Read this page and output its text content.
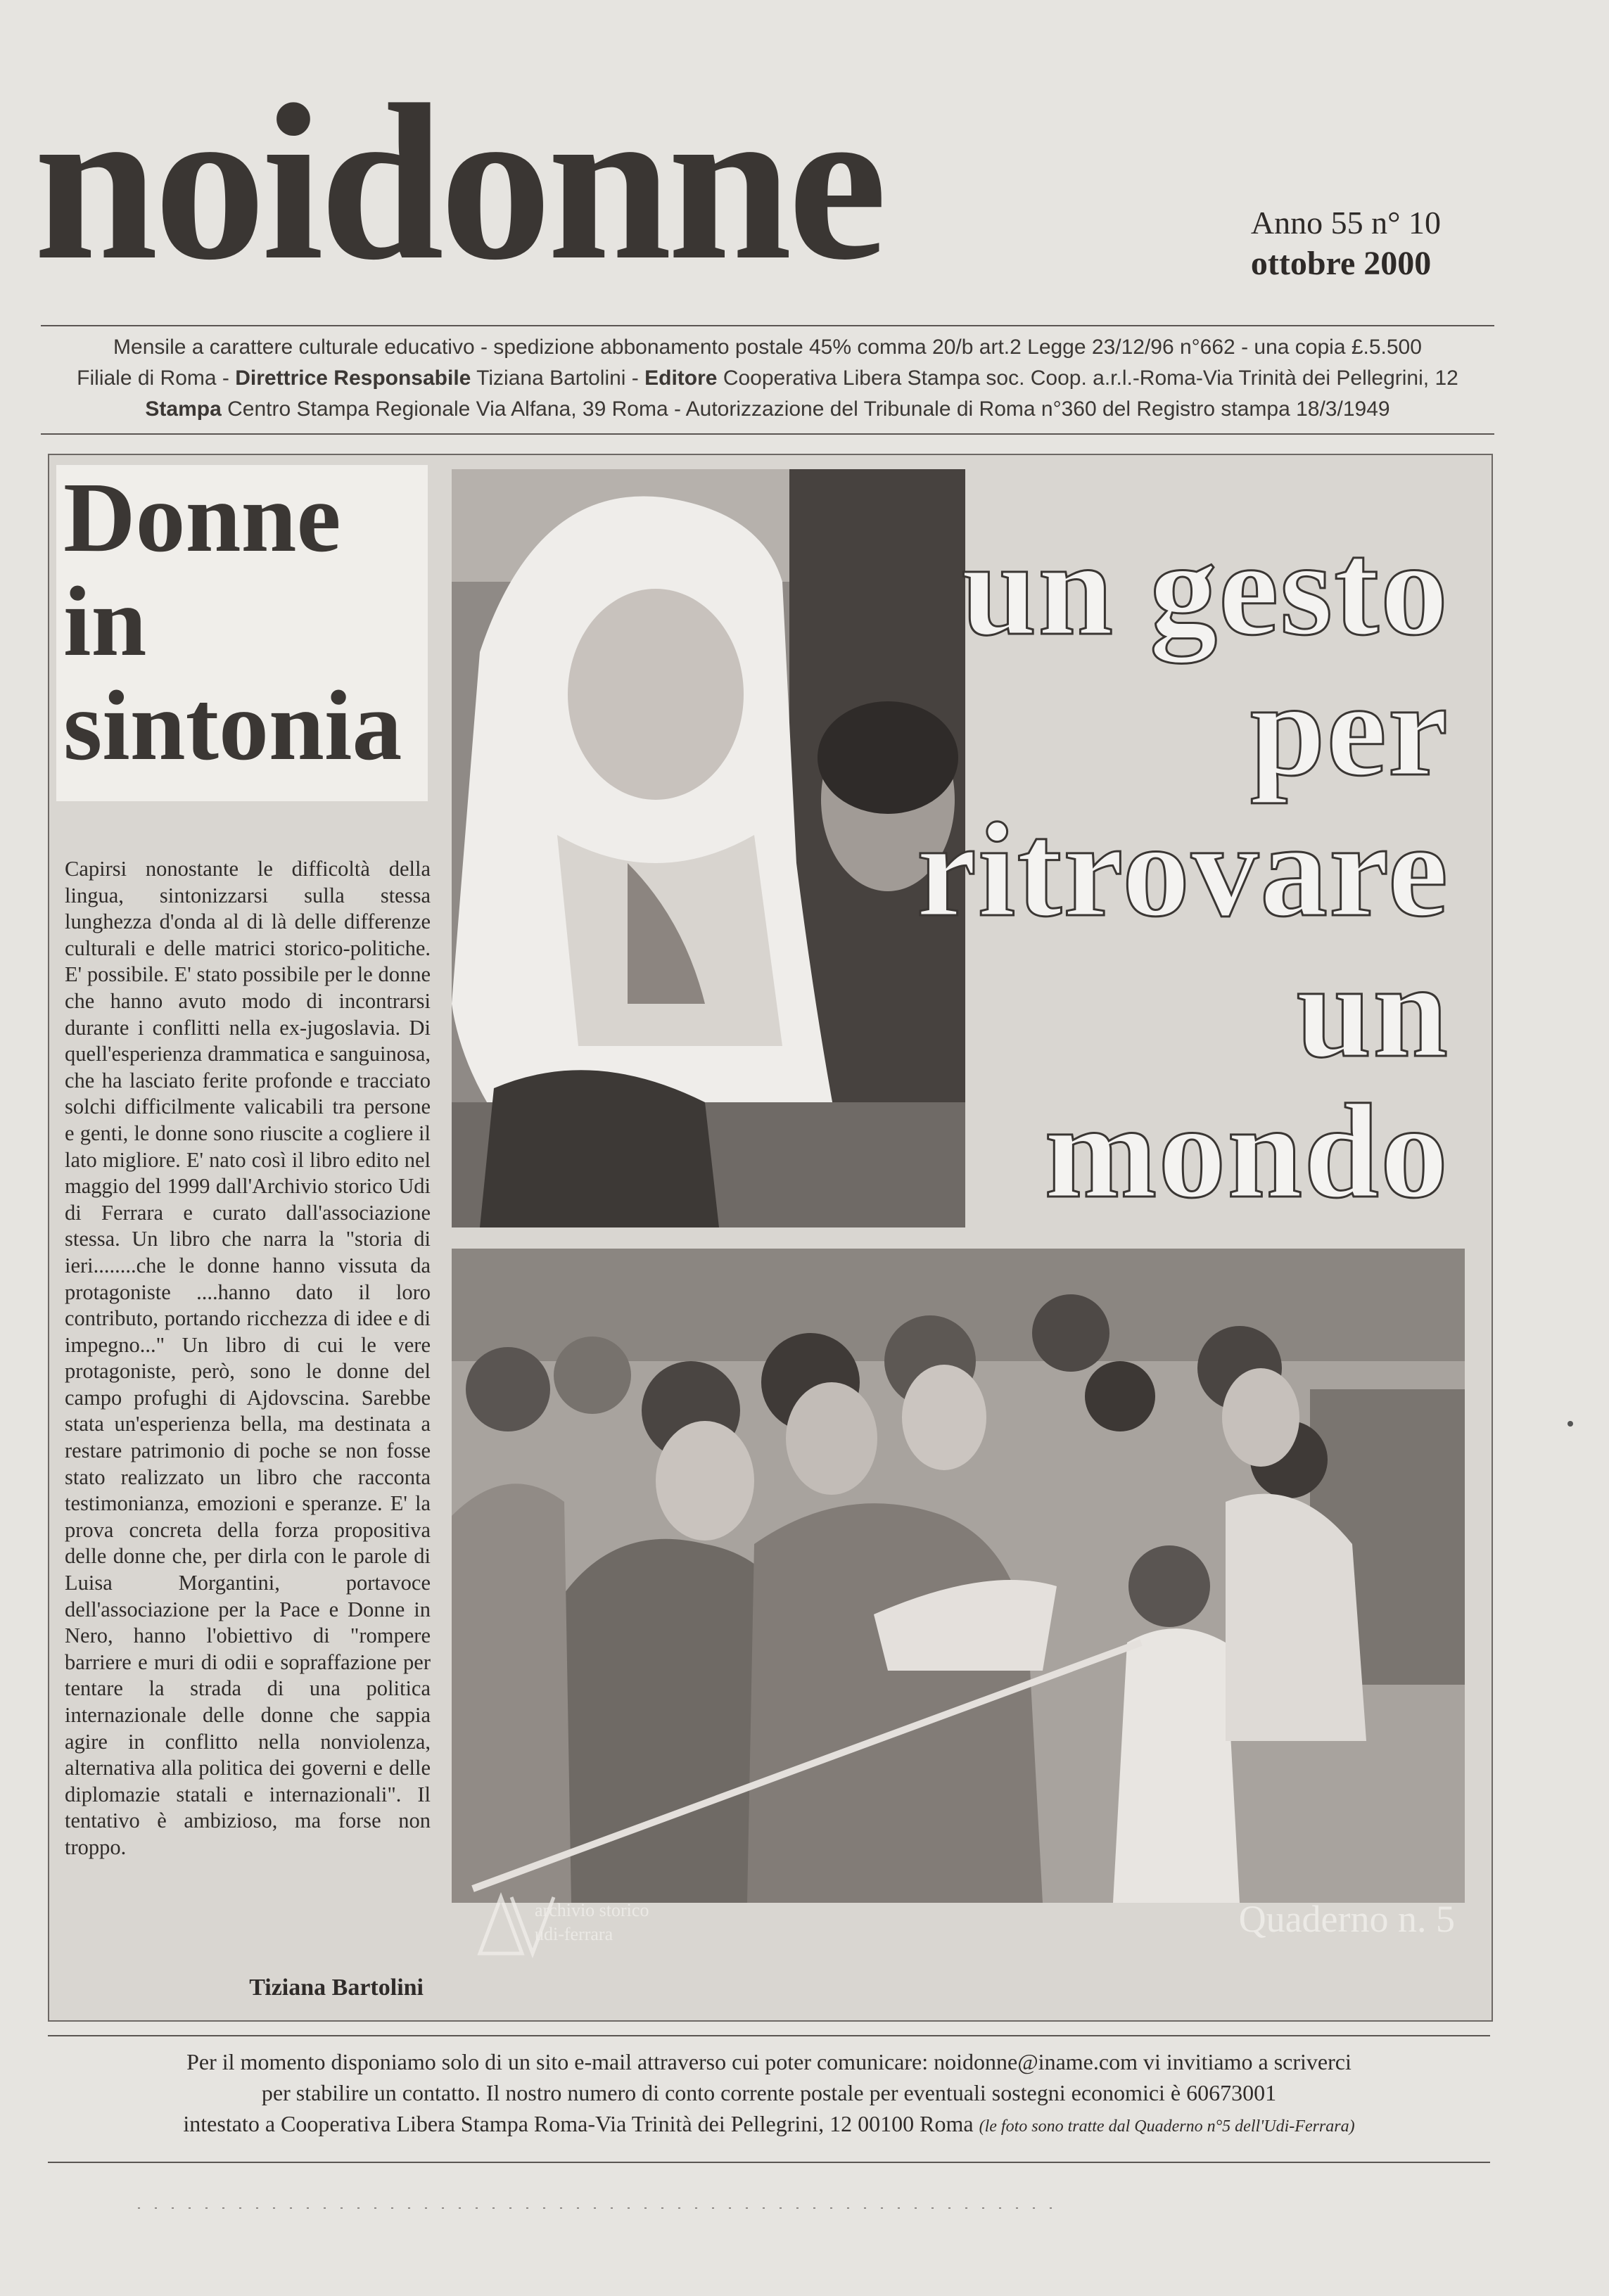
noidonne	Anno 55 n° 10
ottobre 2000
Mensile a carattere culturale educativo - spedizione abbonamento postale 45% comma 20/b art.2 Legge 23/12/96 n°662 - una copia £.5.500
Filiale di Roma - Direttrice Responsabile Tiziana Bartolini - Editore Cooperativa Libera Stampa soc. Coop. a.r.l.-Roma-Via Trinità dei Pellegrini, 12
Stampa Centro Stampa Regionale Via Alfana, 39 Roma - Autorizzazione del Tribunale di Roma n°360 del Registro stampa 18/3/1949
Donne
in
sintonia
Capirsi nonostante le difficoltà della lingua, sintonizzarsi sulla stessa lunghezza d'onda al di là delle differenze culturali e delle matrici storico-politiche. E' possibile. E' stato possibile per le donne che hanno avuto modo di incontrarsi durante i conflitti nella ex-jugoslavia. Di quell'esperienza drammatica e sanguinosa, che ha lasciato ferite profonde e tracciato solchi difficilmente valicabili tra persone e genti, le donne sono riuscite a cogliere il lato migliore. E' nato così il libro edito nel maggio del 1999 dall'Archivio storico Udi di Ferrara e curato dall'associazione stessa. Un libro che narra la "storia di ieri........che le donne hanno vissuta da protagoniste ....hanno dato il loro contributo, portando ricchezza di idee e di impegno..." Un libro di cui le vere protagoniste, però, sono le donne del campo profughi di Ajdovscina. Sarebbe stata un'esperienza bella, ma destinata a restare patrimonio di poche se non fosse stato realizzato un libro che racconta testimonianza, emozioni e speranze. E' la prova concreta della forza propositiva delle donne che, per dirla con le parole di Luisa Morgantini, portavoce dell'associazione per la Pace e Donne in Nero, hanno l'obiettivo di "rompere barriere e muri di odii e sopraffazione per tentare la strada di una politica internazionale delle donne che sappia agire in conflitto nella nonviolenza, alternativa alla politica dei governi e delle diplomazie statali e internazionali". Il tentativo è ambizioso, ma forse non troppo.
Tiziana Bartolini
un gesto
per
ritrovare
un
mondo
archivio storico
udi-ferrara	Quaderno n. 5
Per il momento disponiamo solo di un sito e-mail attraverso cui poter comunicare: noidonne@iname.com vi invitiamo a scriverci
per stabilire un contatto. Il nostro numero di conto corrente postale per eventuali sostegni economici è 60673001
intestato a Cooperativa Libera Stampa Roma-Via Trinità dei Pellegrini, 12 00100 Roma (le foto sono tratte dal Quaderno n°5 dell'Udi-Ferrara)
